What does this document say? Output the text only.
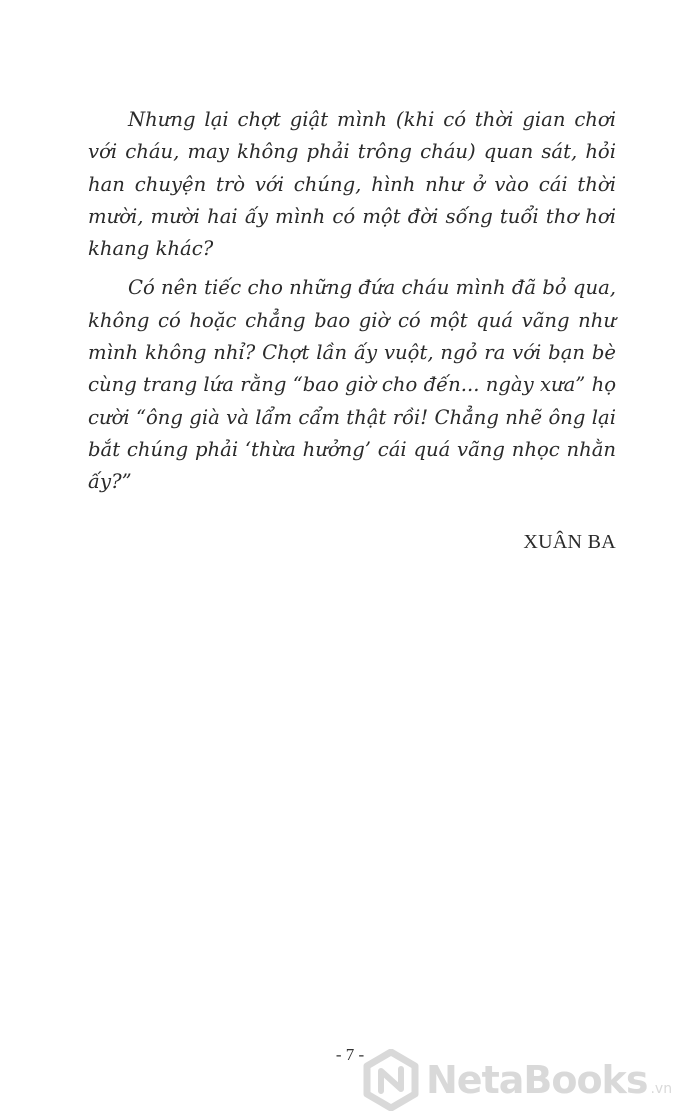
Nhưng lại chợt giật mình (khi có thời gian chơi với cháu, may không phải trông cháu) quan sát, hỏi han chuyện trò với chúng, hình như ở vào cái thời mười, mười hai ấy mình có một đời sống tuổi thơ hơi khang khác?

Có nên tiếc cho những đứa cháu mình đã bỏ qua, không có hoặc chẳng bao giờ có một quá vãng như mình không nhỉ? Chợt lần ấy vuột, ngỏ ra với bạn bè cùng trang lứa rằng “bao giờ cho đến... ngày xưa” họ cười “ông già và lẩm cẩm thật rồi! Chẳng nhẽ ông lại bắt chúng phải ‘thừa hưởng’ cái quá vãng nhọc nhằn ấy?”

XUÂN BA
- 7 -
NetaBooks .vn
